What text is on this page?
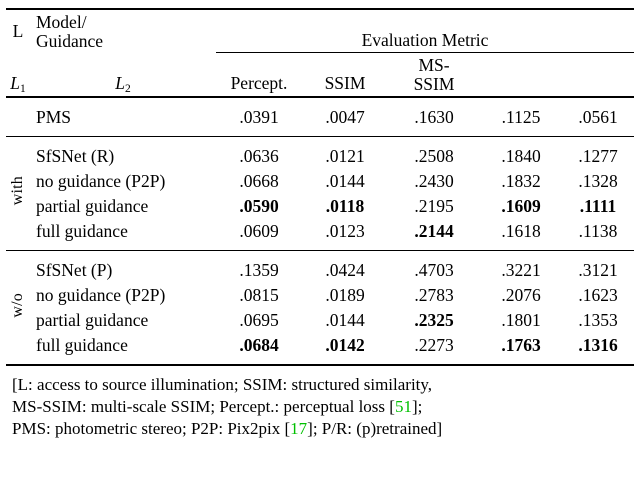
L	Model/
Guidance	Evaluation Metric				

L1	L2	Percept.	SSIM	MS-
SSIM		

	PMS	.0391	.0047	.1630	.1125	.0561

with	SfSNet (R)	.0636	.0121	.2508	.1840	.1277
	no guidance (P2P)	.0668	.0144	.2430	.1832	.1328
	partial guidance	.0590	.0118	.2195	.1609	.1111
	full guidance	.0609	.0123	.2144	.1618	.1138

w/o	SfSNet (P)	.1359	.0424	.4703	.3221	.3121
	no guidance (P2P)	.0815	.0189	.2783	.2076	.1623
	partial guidance	.0695	.0144	.2325	.1801	.1353
	full guidance	.0684	.0142	.2273	.1763	.1316

[L: access to source illumination; SSIM: structured similarity,
MS-SSIM: multi-scale SSIM; Percept.: perceptual loss [51];
PMS: photometric stereo; P2P: Pix2pix [17]; P/R: (p)retrained]
